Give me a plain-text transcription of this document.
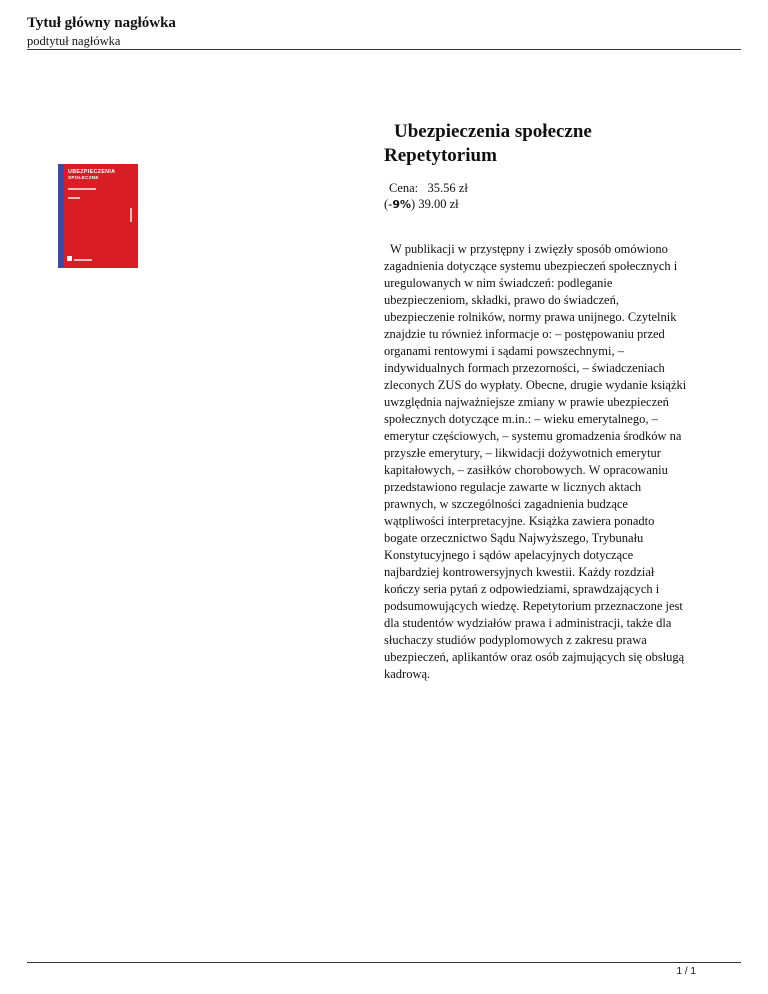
Tytuł główny nagłówka
podtytuł nagłówka
UBEZPIECZENIA
SPOŁECZNE
Ubezpieczenia społeczne
Repetytorium
Cena: 35.56 zł
(-9%) 39.00 zł

W publikacji w przystępny i zwięzły sposób omówiono zagadnienia dotyczące systemu ubezpieczeń społecznych i uregulowanych w nim świadczeń: podleganie ubezpieczeniom, składki, prawo do świadczeń, ubezpieczenie rolników, normy prawa unijnego. Czytelnik znajdzie tu również informacje o: – postępowaniu przed organami rentowymi i sądami powszechnymi, – indywidualnych formach przezorności, – świadczeniach zleconych ZUS do wypłaty. Obecne, drugie wydanie książki uwzględnia najważniejsze zmiany w prawie ubezpieczeń społecznych dotyczące m.in.: – wieku emerytalnego, – emerytur częściowych, – systemu gromadzenia środków na przyszłe emerytury, – likwidacji dożywotnich emerytur kapitałowych, – zasiłków chorobowych. W opracowaniu przedstawiono regulacje zawarte w licznych aktach prawnych, w szczególności zagadnienia budzące wątpliwości interpretacyjne. Książka zawiera ponadto bogate orzecznictwo Sądu Najwyższego, Trybunału Konstytucyjnego i sądów apelacyjnych dotyczące najbardziej kontrowersyjnych kwestii. Każdy rozdział kończy seria pytań z odpowiedziami, sprawdzających i podsumowujących wiedzę. Repetytorium przeznaczone jest dla studentów wydziałów prawa i administracji, także dla słuchaczy studiów podyplomowych z zakresu prawa ubezpieczeń, aplikantów oraz osób zajmujących się obsługą kadrową.

1 / 1
